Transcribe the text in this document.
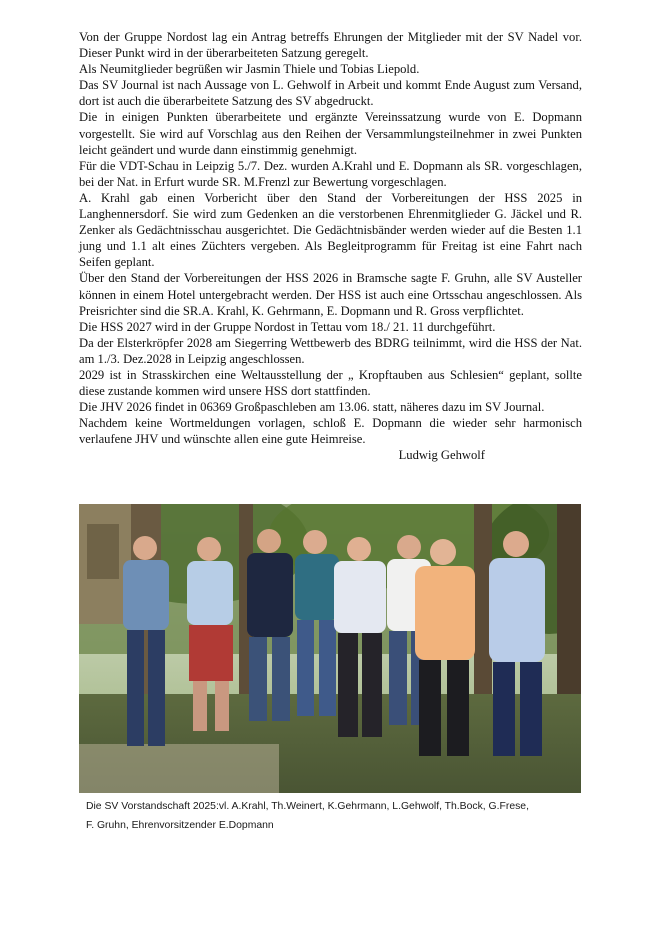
Von der Gruppe Nordost lag ein Antrag betreffs Ehrungen der Mitglieder mit der SV Nadel vor. Dieser Punkt wird in der überarbeiteten Satzung geregelt.

Als Neumitglieder begrüßen wir Jasmin Thiele und Tobias Liepold.

Das SV Journal ist nach Aussage von L. Gehwolf in Arbeit und kommt Ende August zum Versand, dort ist auch die überarbeitete Satzung des SV abgedruckt.

Die in einigen Punkten überarbeitete und ergänzte Vereinssatzung wurde von E. Dopmann vorgestellt. Sie wird auf Vorschlag aus den Reihen der Versammlungsteilnehmer in zwei Punkten leicht geändert und wurde dann einstimmig genehmigt.

Für die VDT-Schau in Leipzig 5./7. Dez. wurden A.Krahl und E. Dopmann als SR. vorgeschlagen, bei der Nat. in Erfurt wurde SR. M.Frenzl zur Bewertung vorgeschlagen.

A. Krahl gab einen Vorbericht über den Stand der Vorbereitungen der HSS 2025 in Langhennersdorf. Sie wird zum Gedenken an die verstorbenen Ehrenmitglieder G. Jäckel und R. Zenker als Gedächtnisschau ausgerichtet. Die Gedächtnisbänder werden wieder auf die Besten 1.1 jung und 1.1 alt eines Züchters vergeben. Als Begleitprogramm für Freitag ist eine Fahrt nach Seifen geplant.

Über den Stand der Vorbereitungen der HSS 2026 in Bramsche sagte F. Gruhn, alle SV Austeller können in einem Hotel untergebracht werden. Der HSS ist auch eine Ortsschau angeschlossen. Als Preisrichter sind die SR.A. Krahl, K. Gehrmann, E. Dopmann und R. Gross verpflichtet.

Die HSS 2027 wird in der Gruppe Nordost in Tettau vom 18./ 21. 11 durchgeführt.

Da der Elsterkröpfer 2028 am Siegerring Wettbewerb des BDRG teilnimmt, wird die HSS der Nat. am 1./3. Dez.2028 in Leipzig angeschlossen.

2029 ist in Strasskirchen eine Weltausstellung der „ Kropftauben aus Schlesien“ geplant, sollte diese zustande kommen wird unsere HSS dort stattfinden.

Die JHV 2026 findet in 06369 Großpaschleben am 13.06. statt, näheres dazu im SV Journal.

Nachdem keine Wortmeldungen vorlagen, schloß E. Dopmann die wieder sehr harmonisch verlaufene JHV und wünschte allen eine gute Heimreise.

Ludwig Gehwolf

Die SV Vorstandschaft 2025:vl. A.Krahl, Th.Weinert, K.Gehrmann, L.Gehwolf, Th.Bock, G.Frese,

F. Gruhn, Ehrenvorsitzender E.Dopmann
